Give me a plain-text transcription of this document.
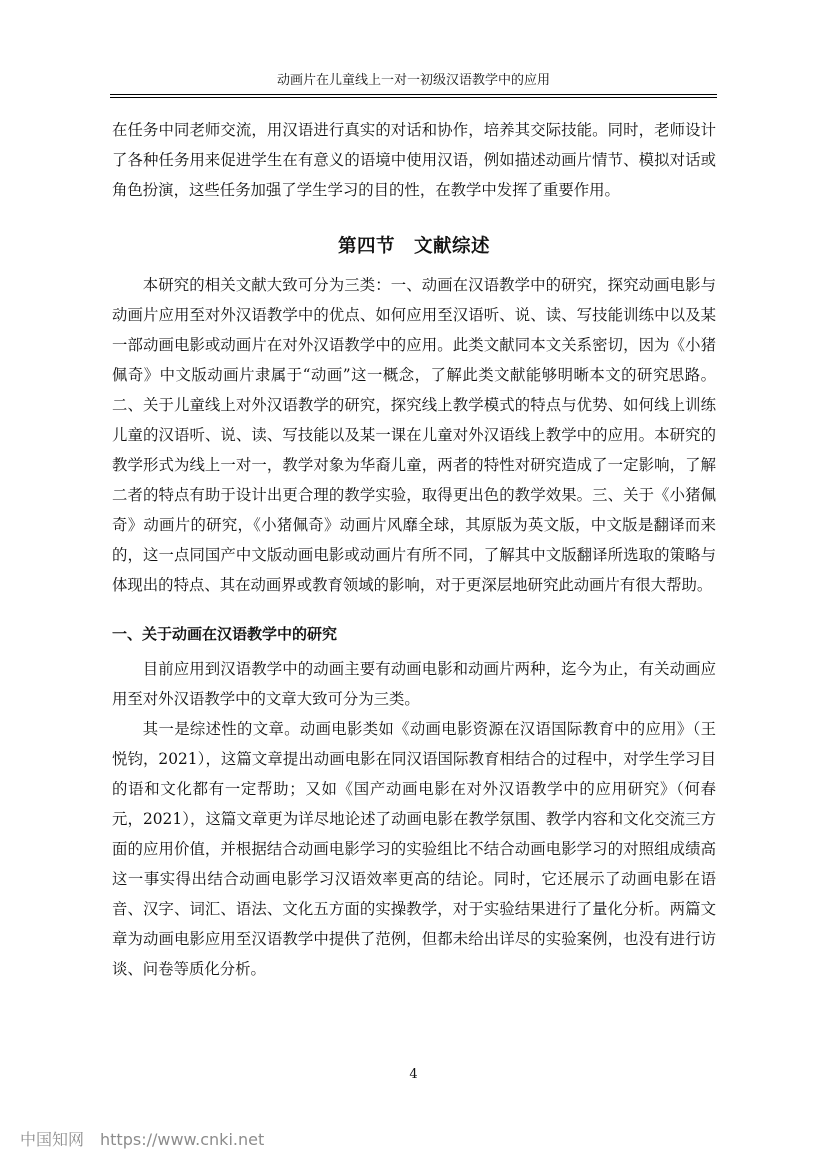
动画片在儿童线上一对一初级汉语教学中的应用

在任务中同老师交流，用汉语进行真实的对话和协作，培养其交际技能。同时，老师设计了各种任务用来促进学生在有意义的语境中使用汉语，例如描述动画片情节、模拟对话或角色扮演，这些任务加强了学生学习的目的性，在教学中发挥了重要作用。

第四节　文献综述

本研究的相关文献大致可分为三类：一、动画在汉语教学中的研究，探究动画电影与动画片应用至对外汉语教学中的优点、如何应用至汉语听、说、读、写技能训练中以及某一部动画电影或动画片在对外汉语教学中的应用。此类文献同本文关系密切，因为《小猪佩奇》中文版动画片隶属于“动画”这一概念，了解此类文献能够明晰本文的研究思路。二、关于儿童线上对外汉语教学的研究，探究线上教学模式的特点与优势、如何线上训练儿童的汉语听、说、读、写技能以及某一课在儿童对外汉语线上教学中的应用。本研究的教学形式为线上一对一，教学对象为华裔儿童，两者的特性对研究造成了一定影响，了解二者的特点有助于设计出更合理的教学实验，取得更出色的教学效果。三、关于《小猪佩奇》动画片的研究，《小猪佩奇》动画片风靡全球，其原版为英文版，中文版是翻译而来的，这一点同国产中文版动画电影或动画片有所不同，了解其中文版翻译所选取的策略与体现出的特点、其在动画界或教育领域的影响，对于更深层地研究此动画片有很大帮助。

一、关于动画在汉语教学中的研究

目前应用到汉语教学中的动画主要有动画电影和动画片两种，迄今为止，有关动画应用至对外汉语教学中的文章大致可分为三类。

其一是综述性的文章。动画电影类如《动画电影资源在汉语国际教育中的应用》（王悦钧，2021），这篇文章提出动画电影在同汉语国际教育相结合的过程中，对学生学习目的语和文化都有一定帮助；又如《国产动画电影在对外汉语教学中的应用研究》（何春元，2021），这篇文章更为详尽地论述了动画电影在教学氛围、教学内容和文化交流三方面的应用价值，并根据结合动画电影学习的实验组比不结合动画电影学习的对照组成绩高这一事实得出结合动画电影学习汉语效率更高的结论。同时，它还展示了动画电影在语音、汉字、词汇、语法、文化五方面的实操教学，对于实验结果进行了量化分析。两篇文章为动画电影应用至汉语教学中提供了范例，但都未给出详尽的实验案例，也没有进行访谈、问卷等质化分析。

4
中国知网 https://www.cnki.net
